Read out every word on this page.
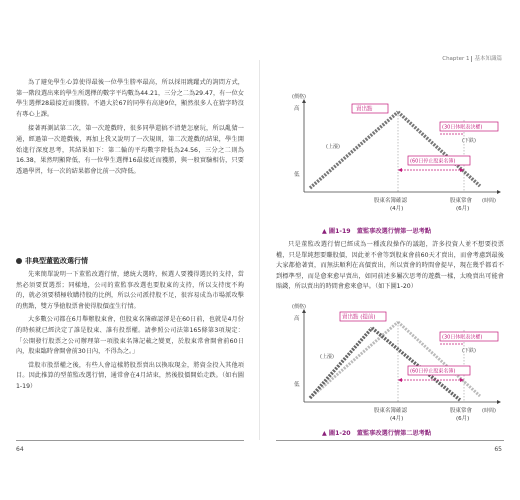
為了避免學生心算使得最後一位學生勝率最高，所以採用跳躍式的詢問方式，第一階段選出來的學生所選擇的數字平均數為44.21，三分之二為29.47，有一位女學生選擇28最接近而獲勝。不過大於67的同學有高達9位，顯然很多人在猜字時沒有專心上課。

接著再測試第二次，第一次遊戲時，很多同學還搞不清楚怎麼玩，所以亂猜一通，經過第一次遊戲後，再加上我又說明了一次規則，第二次遊戲的結果，學生開始進行深度思考，其結果如下：第二輪的平均數字降低為24.56，三分之二則為16.38，果然明顯降低，有一位學生選擇16最接近而獲勝，與一般實驗相仿，只要透過學習，每一次的結果都會比前一次降低。

非典型董監改選行情

先來簡單說明一下董監改選行情，總統大選時，候選人要獲得選民的支持，當然必須要買選票；同樣地，公司的董監事改選也要股東的支持，所以支持度不夠的，就必須要積極收購持股的比例，所以公司派持股不足，很容易成為市場派攻擊的焦點，雙方爭搶股票會使得股價產生行情。

大多數公司都在6月舉辦股東會，但股東名簿確認卻是在60日前，也就是4月份的時候就已經決定了誰是股東、誰有投票權。請參照公司法第165條第3項規定：「公開發行股票之公司辦理第一項股東名簿記載之變更，於股東常會開會前60日內，股東臨時會開會前30日內，不得為之。」

當股市股票權之後，有些人會這樣將股票賣出以換取現金，將資金投入其他項目。因此推算的型董監改選行情，通常會在4月結束，然後股價開始走跌。（如右圖1-19）

64
Chapter 1 基本知識篇
(價格)
高
低
賣出點
(上漲)
(下跌)
(30日休眠表決權)
(60日停止股東名簿)
股東名簿確認
(4月)
股東常會
(6月)
(時間)
▲ 圖1-19　董監事改選行情第一思考點

只是董監改選行情已經成為一種波段操作的議題，許多投資人並不想要投票權，只是單純想要賺股價，因此並不會等到股東會前60天才賣出，而會考慮到最後大家都搶著賣，而無法順利在高價賣出，所以賣會的時間會提早，現在幾乎都看不到標準型，而是愈來愈早賣出，如同前述多屬次思考的遊戲一樣，太晚賣出可能會賠錢，所以賣出的時間會愈來愈早。（如下圖1-20）

(價格)
高
低
賣出點 (提前)
(上漲)
(下跌)
(30日休眠表決權)
(60日停止股東名簿)
股東名簿確認
(4月)
股東常會
(6月)
(時間)
▲ 圖1-20　董監事改選行情第二思考點
65
